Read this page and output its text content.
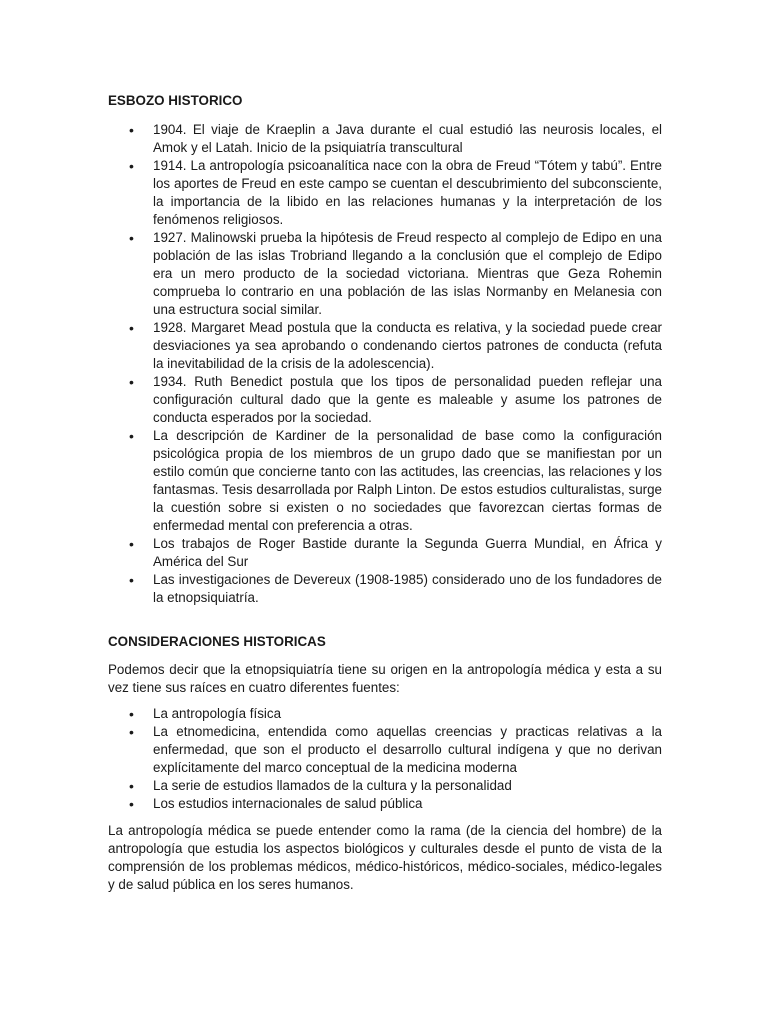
ESBOZO HISTORICO
• 1904. El viaje de Kraeplin a Java durante el cual estudió las neurosis locales, el Amok y el Latah. Inicio de la psiquiatría transcultural
• 1914. La antropología psicoanalítica nace con la obra de Freud “Tótem y tabú”. Entre los aportes de Freud en este campo se cuentan el descubrimiento del subconsciente, la importancia de la libido en las relaciones humanas y la interpretación de los fenómenos religiosos.
• 1927. Malinowski prueba la hipótesis de Freud respecto al complejo de Edipo en una población de las islas Trobriand llegando a la conclusión que el complejo de Edipo era un mero producto de la sociedad victoriana. Mientras que Geza Rohemin comprueba lo contrario en una población de las islas Normanby en Melanesia con una estructura social similar.
• 1928. Margaret Mead postula que la conducta es relativa, y la sociedad puede crear desviaciones ya sea aprobando o condenando ciertos patrones de conducta (refuta la inevitabilidad de la crisis de la adolescencia).
• 1934. Ruth Benedict postula que los tipos de personalidad pueden reflejar una configuración cultural dado que la gente es maleable y asume los patrones de conducta esperados por la sociedad.
• La descripción de Kardiner de la personalidad de base como la configuración psicológica propia de los miembros de un grupo dado que se manifiestan por un estilo común que concierne tanto con las actitudes, las creencias, las relaciones y los fantasmas. Tesis desarrollada por Ralph Linton. De estos estudios culturalistas, surge la cuestión sobre si existen o no sociedades que favorezcan ciertas formas de enfermedad mental con preferencia a otras.
• Los trabajos de Roger Bastide durante la Segunda Guerra Mundial, en África y América del Sur
• Las investigaciones de Devereux (1908-1985) considerado uno de los fundadores de la etnopsiquiatría.
CONSIDERACIONES HISTORICAS

Podemos decir que la etnopsiquiatría tiene su origen en la antropología médica y esta a su vez tiene sus raíces en cuatro diferentes fuentes:

• La antropología física
• La etnomedicina, entendida como aquellas creencias y practicas relativas a la enfermedad, que son el producto el desarrollo cultural indígena y que no derivan explícitamente del marco conceptual de la medicina moderna
• La serie de estudios llamados de la cultura y la personalidad
• Los estudios internacionales de salud pública

La antropología médica se puede entender como la rama (de la ciencia del hombre) de la antropología que estudia los aspectos biológicos y culturales desde el punto de vista de la comprensión de los problemas médicos, médico-históricos, médico-sociales, médico-legales y de salud pública en los seres humanos.
